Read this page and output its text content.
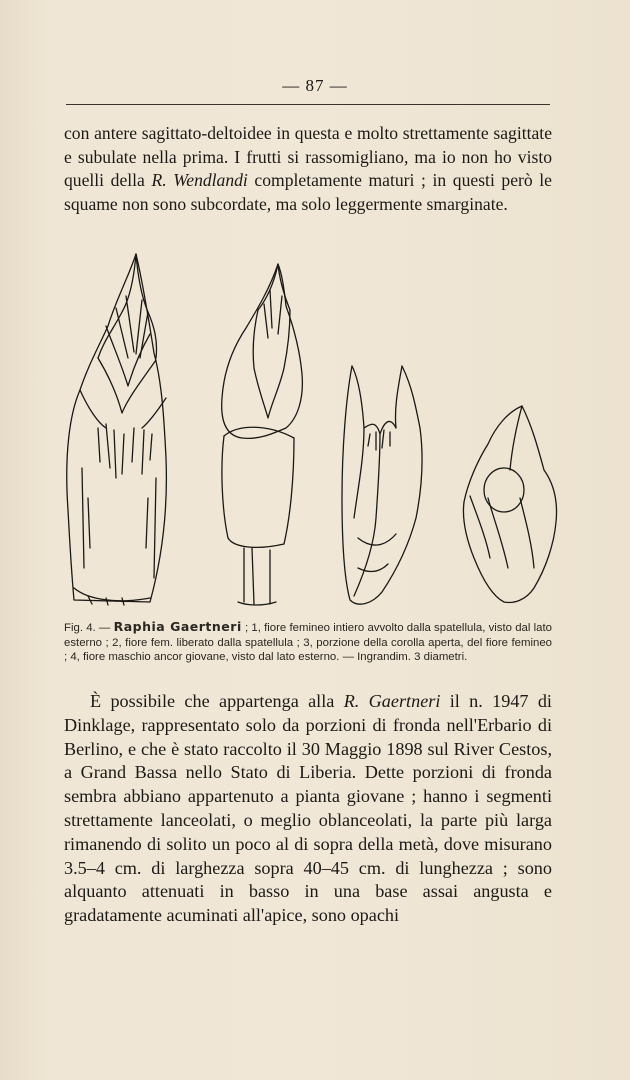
— 87 —

con antere sagittato-deltoidee in questa e molto strettamente sagittate e subulate nella prima. I frutti si rassomigliano, ma io non ho visto quelli della R. Wendlandi completamente maturi ; in questi però le squame non sono subcordate, ma solo leggermente smarginate.

Fig. 4. — Raphia Gaertneri ; 1, fiore femineo intiero avvolto dalla spatellula, visto dal lato esterno ; 2, fiore fem. liberato dalla spatellula ; 3, porzione della corolla aperta, del fiore femineo ; 4, fiore maschio ancor giovane, visto dal lato esterno. — Ingrandim. 3 diametri.

È possibile che appartenga alla R. Gaertneri il n. 1947 di Dinklage, rappresentato solo da porzioni di fronda nell'Erbario di Berlino, e che è stato raccolto il 30 Maggio 1898 sul River Cestos, a Grand Bassa nello Stato di Liberia. Dette porzioni di fronda sembra abbiano appartenuto a pianta giovane ; hanno i segmenti strettamente lanceolati, o meglio oblanceolati, la parte più larga rimanendo di solito un poco al di sopra della metà, dove misurano 3.5–4 cm. di larghezza sopra 40–45 cm. di lunghezza ; sono alquanto attenuati in basso in una base assai angusta e gradatamente acuminati all'apice, sono opachi
